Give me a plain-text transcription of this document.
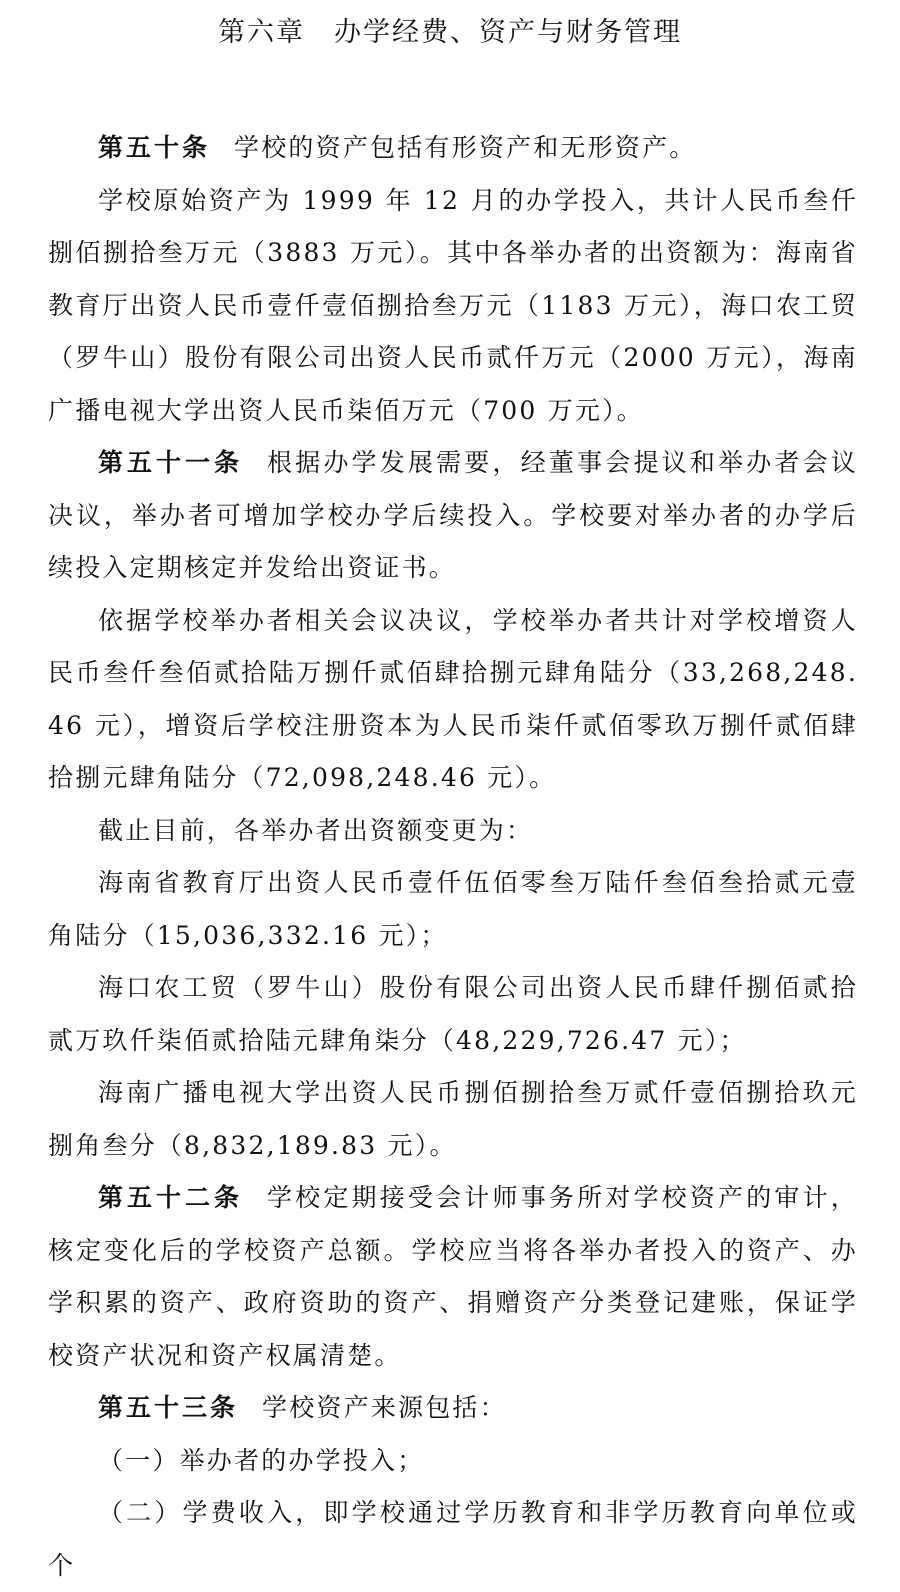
第六章　办学经费、资产与财务管理

第五十条 学校的资产包括有形资产和无形资产。

学校原始资产为 1999 年 12 月的办学投入，共计人民币叁仟捌佰捌拾叁万元（3883 万元）。其中各举办者的出资额为：海南省教育厅出资人民币壹仟壹佰捌拾叁万元（1183 万元），海口农工贸（罗牛山）股份有限公司出资人民币贰仟万元（2000 万元），海南广播电视大学出资人民币柒佰万元（700 万元）。

第五十一条 根据办学发展需要，经董事会提议和举办者会议决议，举办者可增加学校办学后续投入。学校要对举办者的办学后续投入定期核定并发给出资证书。

依据学校举办者相关会议决议，学校举办者共计对学校增资人民币叁仟叁佰贰拾陆万捌仟贰佰肆拾捌元肆角陆分（33,268,248.46 元），增资后学校注册资本为人民币柒仟贰佰零玖万捌仟贰佰肆拾捌元肆角陆分（72,098,248.46 元）。

截止目前，各举办者出资额变更为：

海南省教育厅出资人民币壹仟伍佰零叁万陆仟叁佰叁拾贰元壹角陆分（15,036,332.16 元）；

海口农工贸（罗牛山）股份有限公司出资人民币肆仟捌佰贰拾贰万玖仟柒佰贰拾陆元肆角柒分（48,229,726.47 元）；

海南广播电视大学出资人民币捌佰捌拾叁万贰仟壹佰捌拾玖元捌角叁分（8,832,189.83 元）。

第五十二条 学校定期接受会计师事务所对学校资产的审计，核定变化后的学校资产总额。学校应当将各举办者投入的资产、办学积累的资产、政府资助的资产、捐赠资产分类登记建账，保证学校资产状况和资产权属清楚。

第五十三条 学校资产来源包括：

（一）举办者的办学投入；

（二）学费收入，即学校通过学历教育和非学历教育向单位或个
